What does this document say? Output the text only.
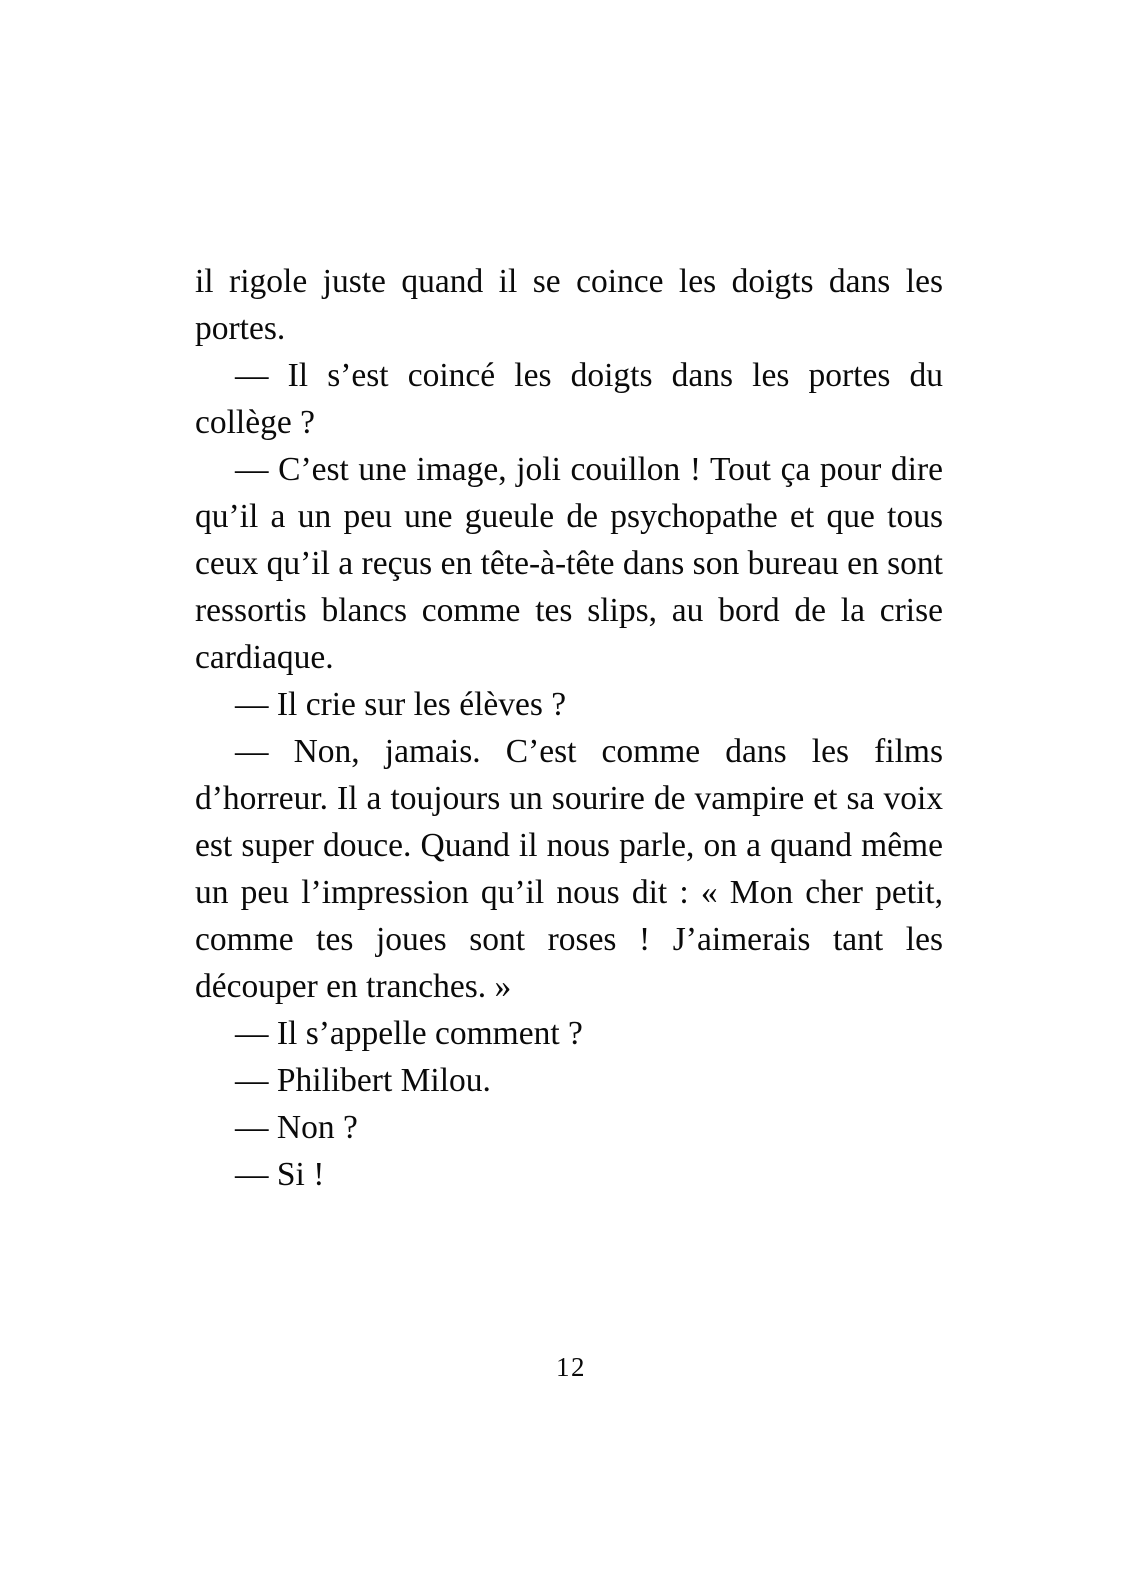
il rigole juste quand il se coince les doigts dans les portes.

— Il s’est coincé les doigts dans les portes du collège ?

— C’est une image, joli couillon ! Tout ça pour dire qu’il a un peu une gueule de psychopathe et que tous ceux qu’il a reçus en tête-à-tête dans son bureau en sont ressortis blancs comme tes slips, au bord de la crise cardiaque.

— Il crie sur les élèves ?

— Non, jamais. C’est comme dans les films d’horreur. Il a toujours un sourire de vampire et sa voix est super douce. Quand il nous parle, on a quand même un peu l’impression qu’il nous dit : « Mon cher petit, comme tes joues sont roses ! J’aimerais tant les découper en tranches. »

— Il s’appelle comment ?

— Philibert Milou.

— Non ?

— Si !

12
